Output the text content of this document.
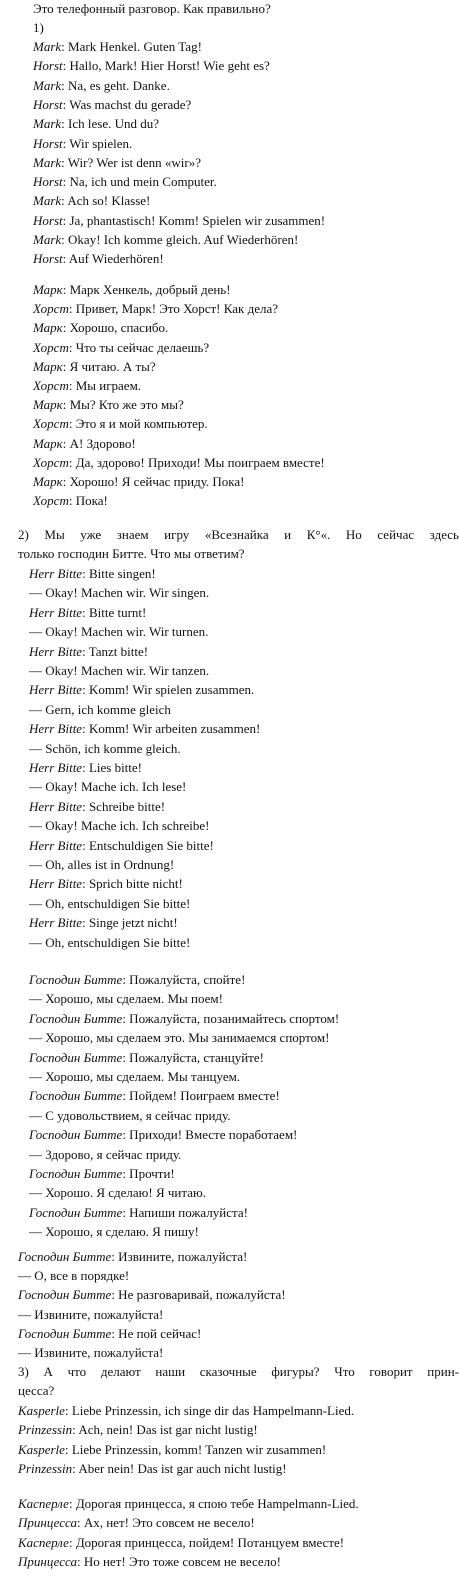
Это телефонный разговор. Как правильно?
1)
Mark: Mark Henkel. Guten Tag!
Horst: Hallo, Mark! Hier Horst! Wie geht es?
Mark: Na, es geht. Danke.
Horst: Was machst du gerade?
Mark: Ich lese. Und du?
Horst: Wir spielen.
Mark: Wir? Wer ist denn «wir»?
Horst: Na, ich und mein Computer.
Mark: Ach so! Klasse!
Horst: Ja, phantastisch! Komm! Spielen wir zusammen!
Mark: Okay! Ich komme gleich. Auf Wiederhören!
Horst: Auf Wiederhören!
Марк: Марк Хенкель, добрый день!
Хорст: Привет, Марк! Это Хорст! Как дела?
Марк: Хорошо, спасибо.
Хорст: Что ты сейчас делаешь?
Марк: Я читаю. А ты?
Хорст: Мы играем.
Марк: Мы? Кто же это мы?
Хорст: Это я и мой компьютер.
Марк: А! Здорово!
Хорст: Да, здорово! Приходи! Мы поиграем вместе!
Марк: Хорошо! Я сейчас приду. Пока!
Хорст: Пока!
2) Мы уже знаем игру «Всезнайка и К°«. Но сейчас здесь
только господин Битте. Что мы ответим?
Herr Bitte: Bitte singen!
— Okay! Machen wir. Wir singen.
Herr Bitte: Bitte turnt!
— Okay! Machen wir. Wir turnen.
Herr Bitte: Tanzt bitte!
— Okay! Machen wir. Wir tanzen.
Herr Bitte: Komm! Wir spielen zusammen.
— Gern, ich komme gleich
Herr Bitte: Komm! Wir arbeiten zusammen!
— Schön, ich komme gleich.
Herr Bitte: Lies bitte!
— Okay! Mache ich. Ich lese!
Herr Bitte: Schreibe bitte!
— Okay! Mache ich. Ich schreibe!
Herr Bitte: Entschuldigen Sie bitte!
— Oh, alles ist in Ordnung!
Herr Bitte: Sprich bitte nicht!
— Oh, entschuldigen Sie bitte!
Herr Bitte: Singe jetzt nicht!
— Oh, entschuldigen Sie bitte!
Господин Битте: Пожалуйста, спойте!
— Хорошо, мы сделаем. Мы поем!
Господин Битте: Пожалуйста, позанимайтесь спортом!
— Хорошо, мы сделаем это. Мы занимаемся спортом!
Господин Битте: Пожалуйста, станцуйте!
— Хорошо, мы сделаем. Мы танцуем.
Господин Битте: Пойдем! Поиграем вместе!
— С удовольствием, я сейчас приду.
Господин Битте: Приходи! Вместе поработаем!
— Здорово, я сейчас приду.
Господин Битте: Прочти!
— Хорошо. Я сделаю! Я читаю.
Господин Битте: Напиши пожалуйста!
— Хорошо, я сделаю. Я пишу!
Господин Битте: Извините, пожалуйста!
— О, все в порядке!
Господин Битте: Не разговаривай, пожалуйста!
— Извините, пожалуйста!
Господин Битте: Не пой сейчас!
— Извините, пожалуйста!
3) А что делают наши сказочные фигуры? Что говорит прин-
цесса?
Kasperle: Liebe Prinzessin, ich singe dir das Hampelmann-Lied.
Prinzessin: Ach, nein! Das ist gar nicht lustig!
Kasperle: Liebe Prinzessin, komm! Tanzen wir zusammen!
Prinzessin: Aber nein! Das ist gar auch nicht lustig!
Касперле: Дорогая принцесса, я спою тебе Hampelmann-Lied.
Принцесса: Ах, нет! Это совсем не весело!
Касперле: Дорогая принцесса, пойдем! Потанцуем вместе!
Принцесса: Но нет! Это тоже совсем не весело!
